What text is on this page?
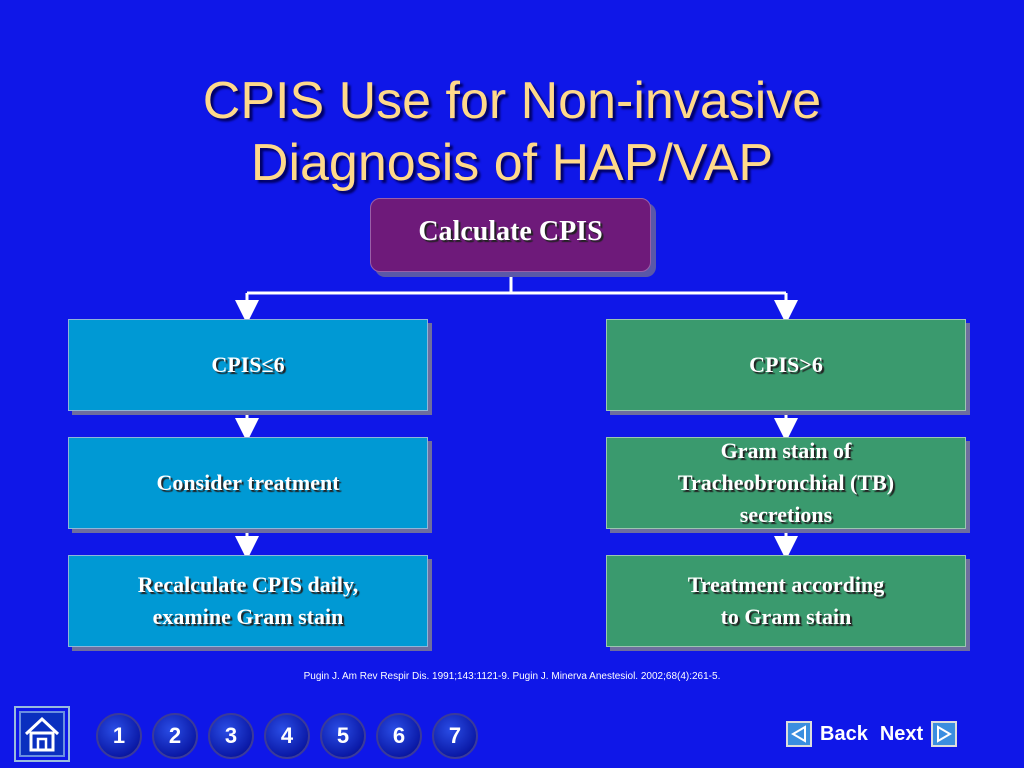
CPIS Use for Non-invasive
Diagnosis of HAP/VAP
Calculate CPIS
CPIS≤6
Consider treatment
Recalculate CPIS daily,
examine Gram stain
CPIS>6
Gram stain of
Tracheobronchial (TB)
secretions
Treatment according
to Gram stain
Pugin J. Am Rev Respir Dis. 1991;143:1121-9. Pugin J. Minerva Anestesiol. 2002;68(4):261-5.
1	2	3	4	5	6	7	Back Next
